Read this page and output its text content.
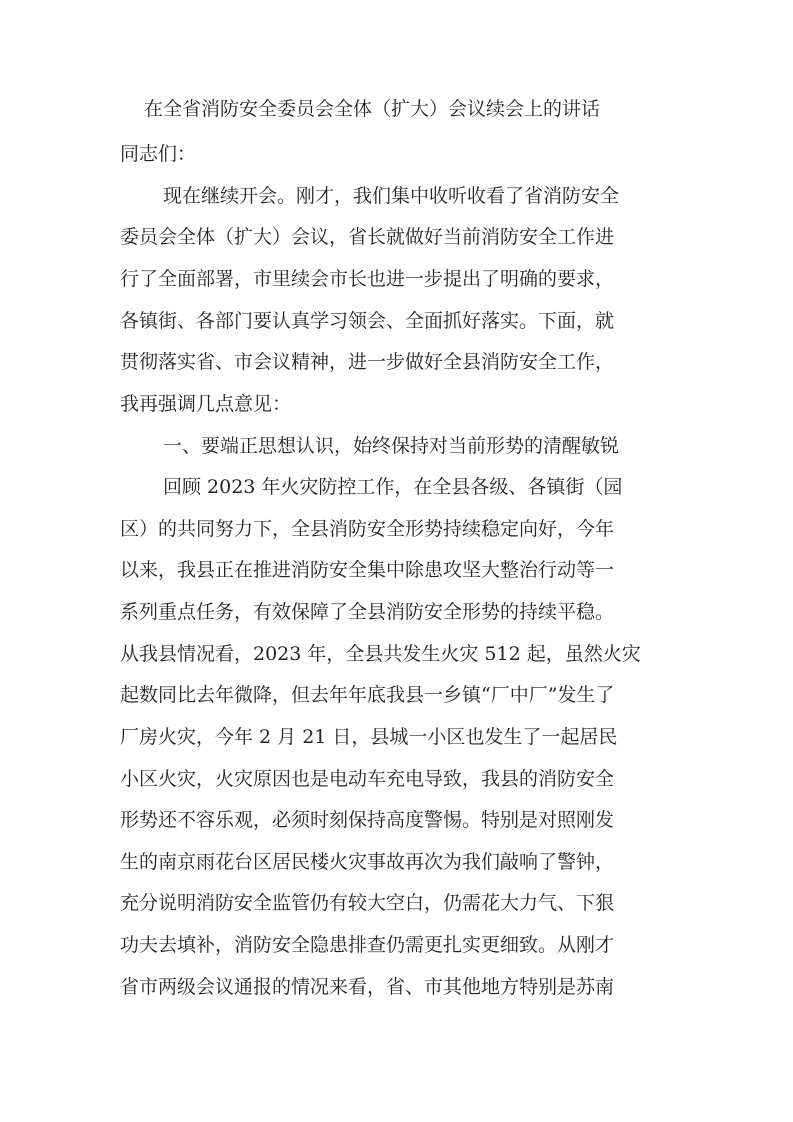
在全省消防安全委员会全体（扩大）会议续会上的讲话
同志们：
现在继续开会。刚才，我们集中收听收看了省消防安全
委员会全体（扩大）会议，省长就做好当前消防安全工作进
行了全面部署，市里续会市长也进一步提出了明确的要求，
各镇街、各部门要认真学习领会、全面抓好落实。下面，就
贯彻落实省、市会议精神，进一步做好全县消防安全工作，
我再强调几点意见：
一、要端正思想认识，始终保持对当前形势的清醒敏锐
回顾 2023 年火灾防控工作，在全县各级、各镇街（园
区）的共同努力下，全县消防安全形势持续稳定向好，今年
以来，我县正在推进消防安全集中除患攻坚大整治行动等一
系列重点任务，有效保障了全县消防安全形势的持续平稳。
从我县情况看，2023 年，全县共发生火灾 512 起，虽然火灾
起数同比去年微降，但去年年底我县一乡镇“厂中厂”发生了
厂房火灾，今年 2 月 21 日，县城一小区也发生了一起居民
小区火灾，火灾原因也是电动车充电导致，我县的消防安全
形势还不容乐观，必须时刻保持高度警惕。特别是对照刚发
生的南京雨花台区居民楼火灾事故再次为我们敲响了警钟，
充分说明消防安全监管仍有较大空白，仍需花大力气、下狠
功夫去填补，消防安全隐患排查仍需更扎实更细致。从刚才
省市两级会议通报的情况来看，省、市其他地方特别是苏南
